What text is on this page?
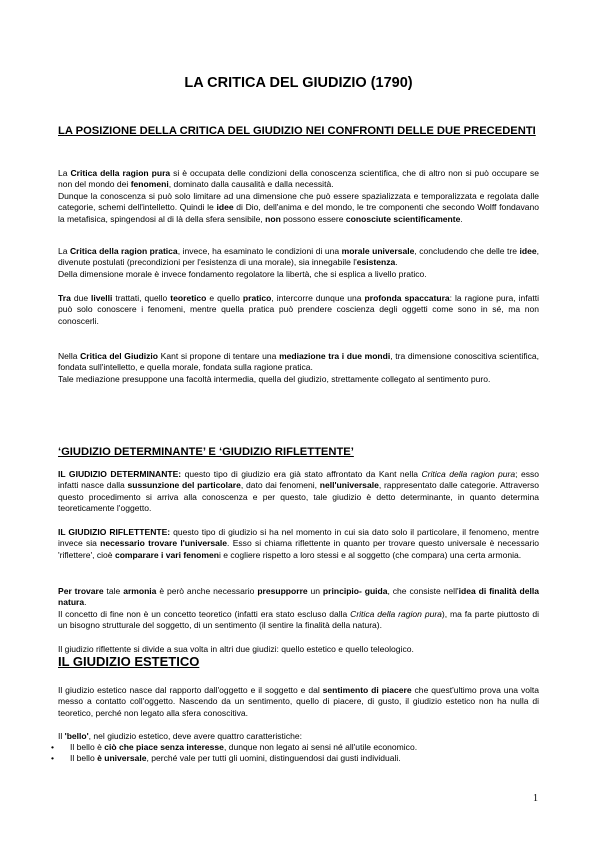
LA CRITICA DEL GIUDIZIO (1790)
LA POSIZIONE DELLA CRITICA DEL GIUDIZIO NEI CONFRONTI DELLE DUE PRECEDENTI
La Critica della ragion pura si è occupata delle condizioni della conoscenza scientifica, che di altro non si può occupare se non del mondo dei fenomeni, dominato dalla causalità e dalla necessità.
Dunque la conoscenza si può solo limitare ad una dimensione che può essere spazializzata e temporalizzata e regolata dalle categorie, schemi dell'intelletto. Quindi le idee di Dio, dell'anima e del mondo, le tre componenti che secondo Wolff fondavano la metafisica, spingendosi al di là della sfera sensibile, non possono essere conosciute scientificamente.
La Critica della ragion pratica, invece, ha esaminato le condizioni di una morale universale, concludendo che delle tre idee, divenute postulati (precondizioni per l'esistenza di una morale), sia innegabile l'esistenza.
Della dimensione morale è invece fondamento regolatore la libertà, che si esplica a livello pratico.
Tra due livelli trattati, quello teoretico e quello pratico, intercorre dunque una profonda spaccatura: la ragione pura, infatti può solo conoscere i fenomeni, mentre quella pratica può prendere coscienza degli oggetti come sono in sé, ma non conoscerli.
Nella Critica del Giudizio Kant si propone di tentare una mediazione tra i due mondi, tra dimensione conoscitiva scientifica, fondata sull'intelletto, e quella morale, fondata sulla ragione pratica.
Tale mediazione presuppone una facoltà intermedia, quella del giudizio, strettamente collegato al sentimento puro.
‘GIUDIZIO DETERMINANTE’ E ‘GIUDIZIO RIFLETTENTE’
IL GIUDIZIO DETERMINANTE: questo tipo di giudizio era già stato affrontato da Kant nella Critica della ragion pura; esso infatti nasce dalla sussunzione del particolare, dato dai fenomeni, nell'universale, rappresentato dalle categorie. Attraverso questo procedimento si arriva alla conoscenza e per questo, tale giudizio è detto determinante, in quanto determina teoreticamente l'oggetto.
IL GIUDIZIO RIFLETTENTE: questo tipo di giudizio si ha nel momento in cui sia dato solo il particolare, il fenomeno, mentre invece sia necessario trovare l'universale. Esso si chiama riflettente in quanto per trovare questo universale è necessario 'riflettere', cioè comparare i vari fenomeni e cogliere rispetto a loro stessi e al soggetto (che compara) una certa armonia.
Per trovare tale armonia è però anche necessario presupporre un principio- guida, che consiste nell'idea di finalità della natura.
Il concetto di fine non è un concetto teoretico (infatti era stato escluso dalla Critica della ragion pura), ma fa parte piuttosto di un bisogno strutturale del soggetto, di un sentimento (il sentire la finalità della natura).
Il giudizio riflettente si divide a sua volta in altri due giudizi: quello estetico e quello teleologico.
IL GIUDIZIO ESTETICO
Il giudizio estetico nasce dal rapporto dall'oggetto e il soggetto e dal sentimento di piacere che quest'ultimo prova una volta messo a contatto coll'oggetto. Nascendo da un sentimento, quello di piacere, di gusto, il giudizio estetico non ha nulla di teoretico, perché non legato alla sfera conoscitiva.
Il 'bello', nel giudizio estetico, deve avere quattro caratteristiche:
• Il bello è ciò che piace senza interesse, dunque non legato ai sensi né all'utile economico.
• Il bello è universale, perché vale per tutti gli uomini, distinguendosi dai gusti individuali.
1
